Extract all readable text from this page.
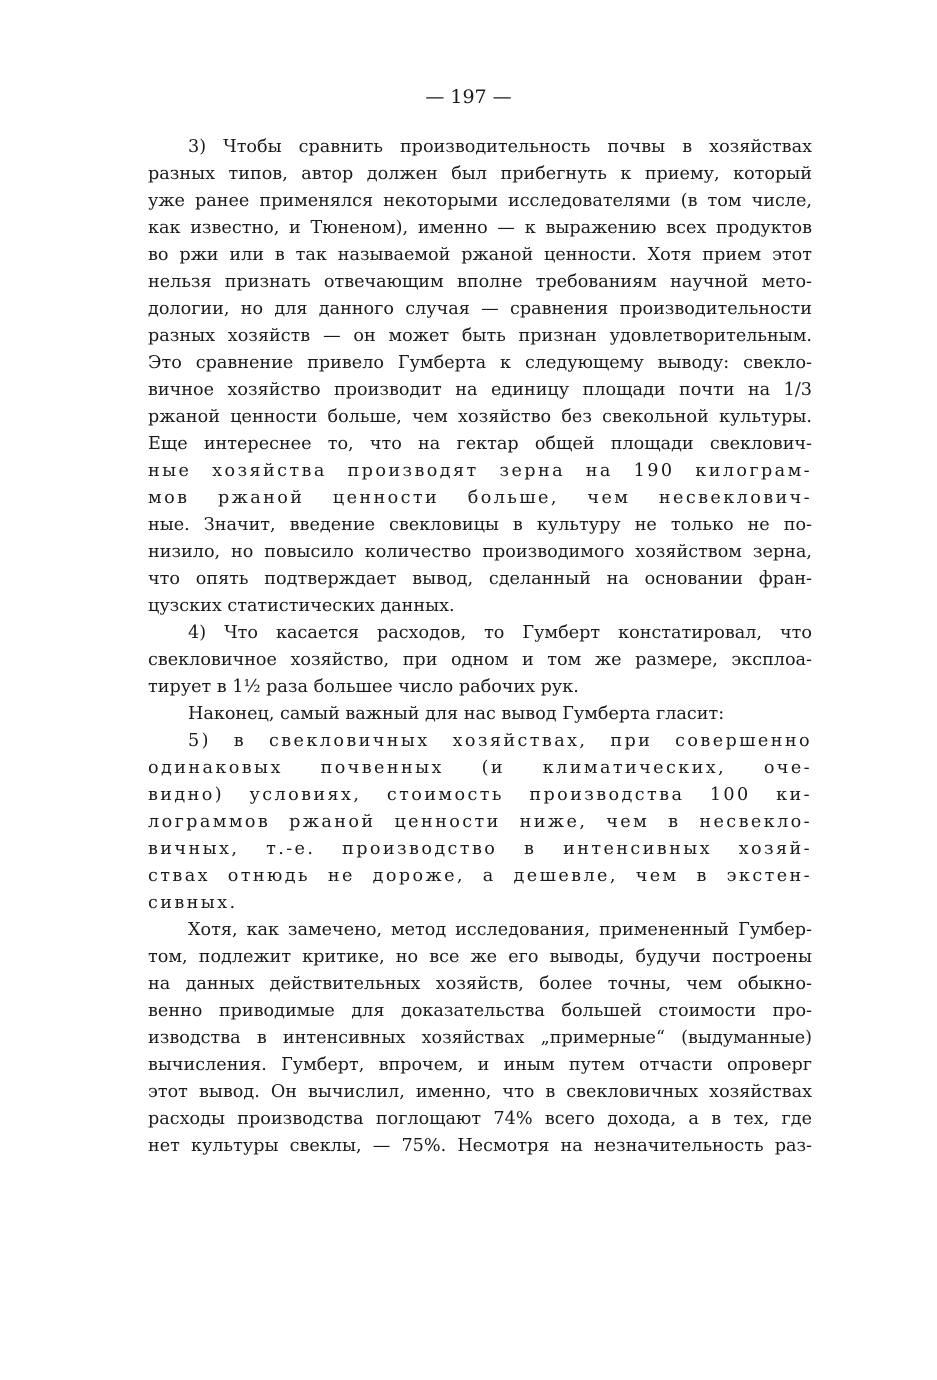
— 197 —
3) Чтобы сравнить производительность почвы в хозяйствах
разных типов, автор должен был прибегнуть к приему, который
уже ранее применялся некоторыми исследователями (в том числе,
как известно, и Тюненом), именно — к выражению всех продуктов
во ржи или в так называемой ржаной ценности. Хотя прием этот
нельзя признать отвечающим вполне требованиям научной мето-
дологии, но для данного случая — сравнения производительности
разных хозяйств — он может быть признан удовлетворительным.
Это сравнение привело Гумберта к следующему выводу: свекло-
вичное хозяйство производит на единицу площади почти на 1/3
ржаной ценности больше, чем хозяйство без свекольной культуры.
Еще интереснее то, что на гектар общей площади свеклович-
ные хозяйства производят зерна на 190 килограм-
мов ржаной ценности больше, чем несвеклович-
ные. Значит, введение свекловицы в культуру не только не по-
низило, но повысило количество производимого хозяйством зерна,
что опять подтверждает вывод, сделанный на основании фран-
цузских статистических данных.
4) Что касается расходов, то Гумберт констатировал, что
свекловичное хозяйство, при одном и том же размере, эксплоа-
тирует в 1½ раза большее число рабочих рук.
Наконец, самый важный для нас вывод Гумберта гласит:
5) в свекловичных хозяйствах, при совершенно
одинаковых почвенных (и климатических, оче-
видно) условиях, стоимость производства 100 ки-
лограммов ржаной ценности ниже, чем в несвекло-
вичных, т.-е. производство в интенсивных хозяй-
ствах отнюдь не дороже, а дешевле, чем в экстен-
сивных.
Хотя, как замечено, метод исследования, примененный Гумбер-
том, подлежит критике, но все же его выводы, будучи построены
на данных действительных хозяйств, более точны, чем обыкно-
венно приводимые для доказательства большей стоимости про-
изводства в интенсивных хозяйствах „примерные“ (выдуманные)
вычисления. Гумберт, впрочем, и иным путем отчасти опроверг
этот вывод. Он вычислил, именно, что в свекловичных хозяйствах
расходы производства поглощают 74% всего дохода, а в тех, где
нет культуры свеклы, — 75%. Несмотря на незначительность раз-
